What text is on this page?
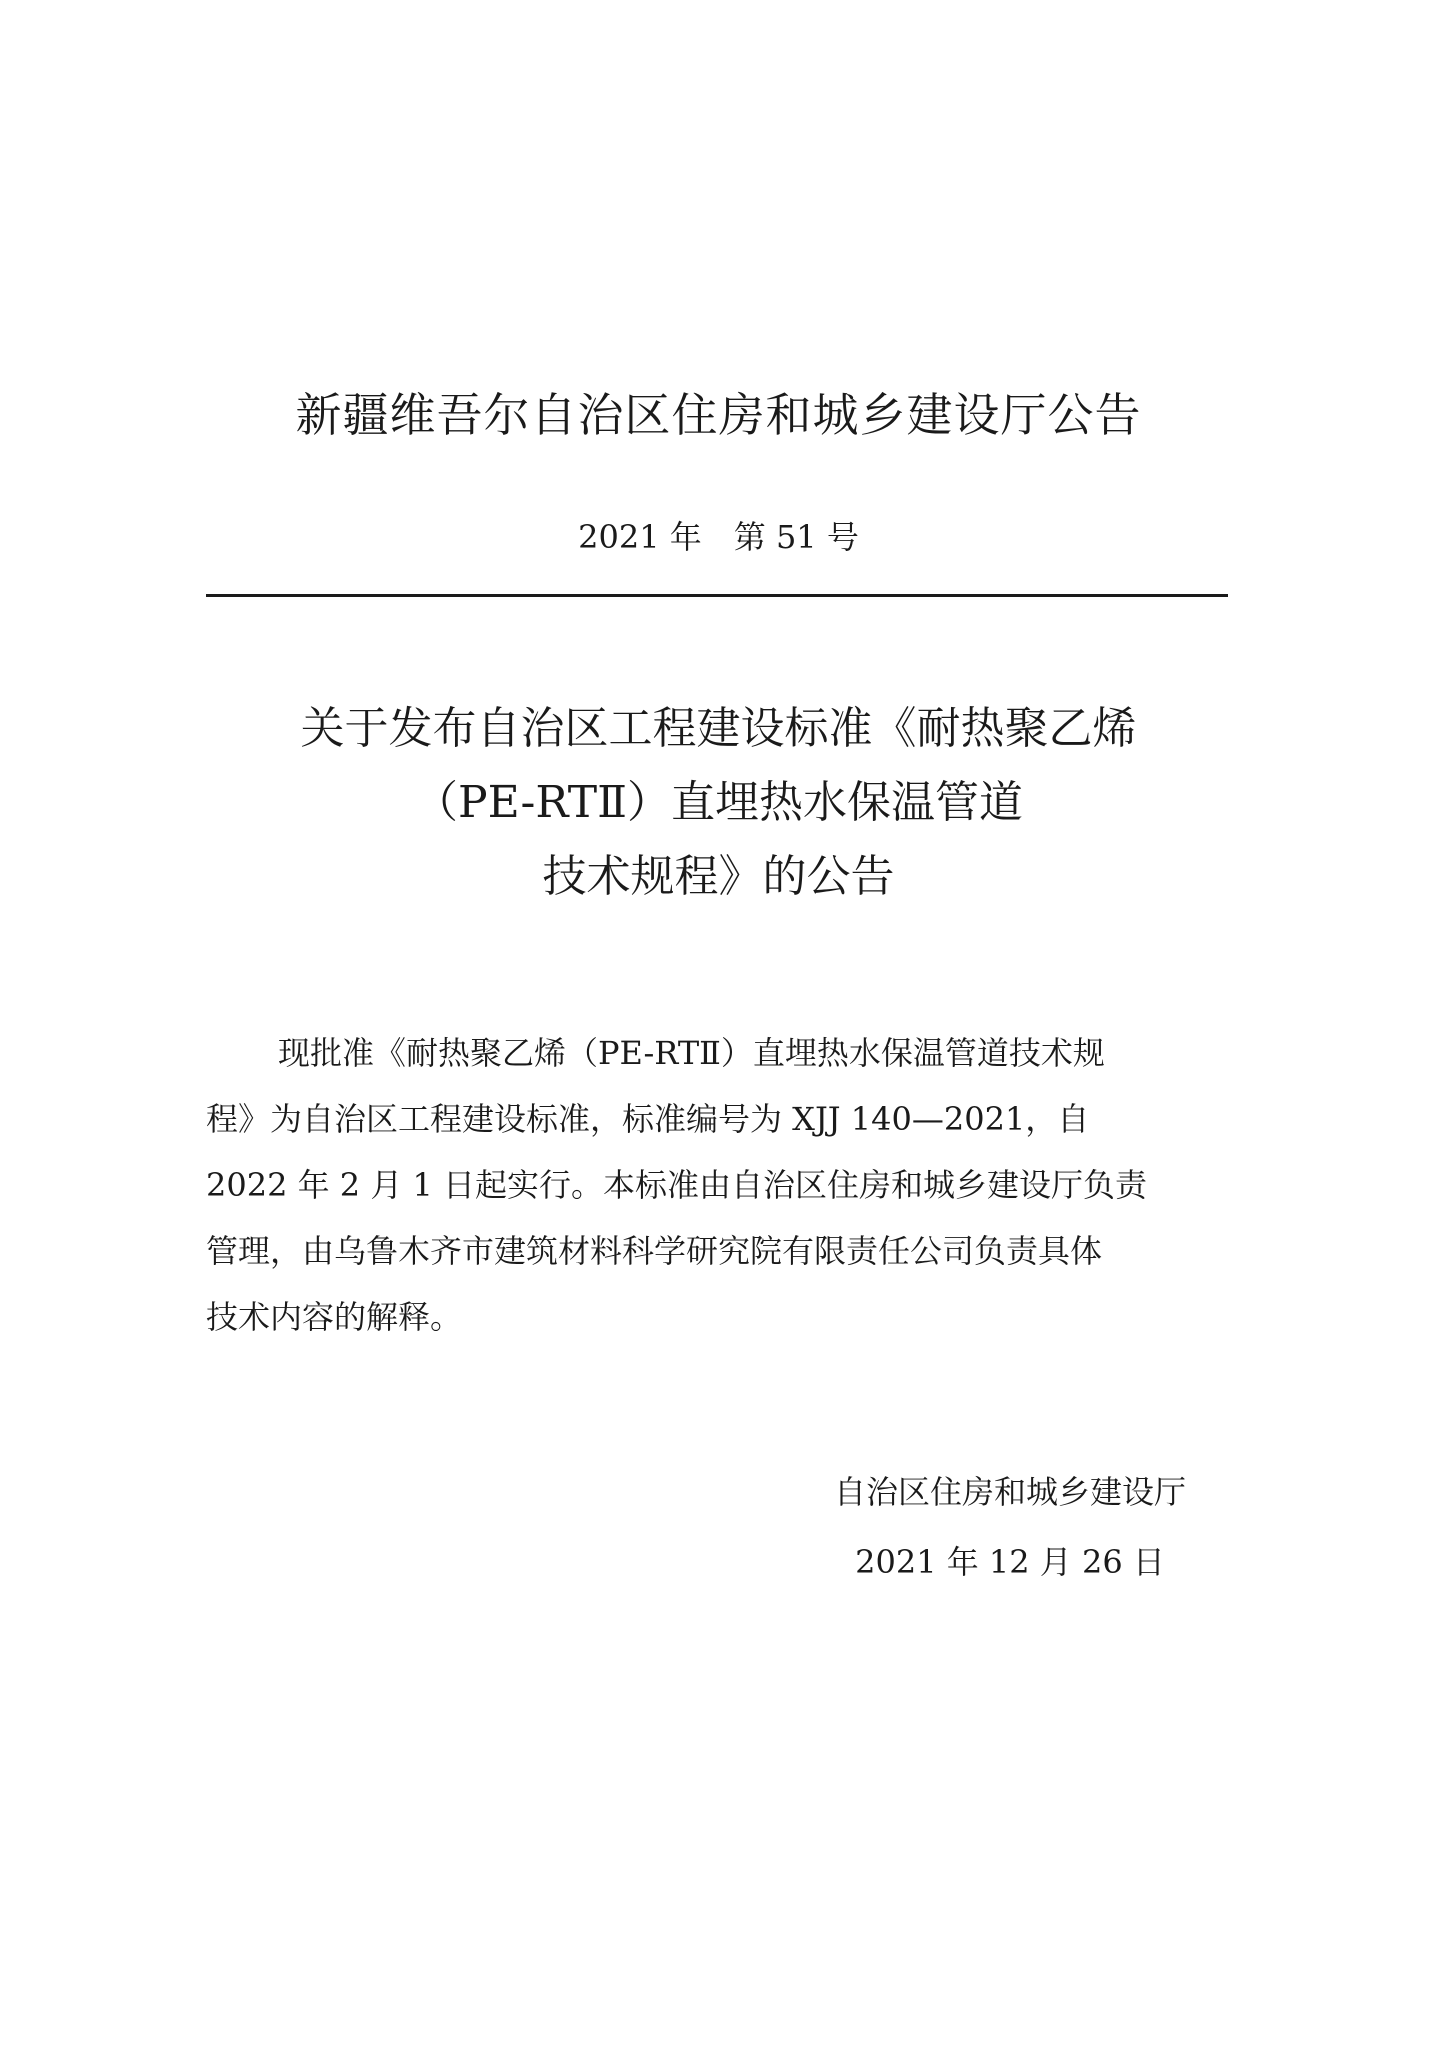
新疆维吾尔自治区住房和城乡建设厅公告
2021 年　第 51 号
关于发布自治区工程建设标准《耐热聚乙烯
（PE-RTⅡ）直埋热水保温管道
技术规程》的公告
现批准《耐热聚乙烯（PE-RTⅡ）直埋热水保温管道技术规
程》为自治区工程建设标准，标准编号为 XJJ 140—2021，自
2022 年 2 月 1 日起实行。本标准由自治区住房和城乡建设厅负责
管理，由乌鲁木齐市建筑材料科学研究院有限责任公司负责具体
技术内容的解释。
自治区住房和城乡建设厅
2021 年 12 月 26 日
